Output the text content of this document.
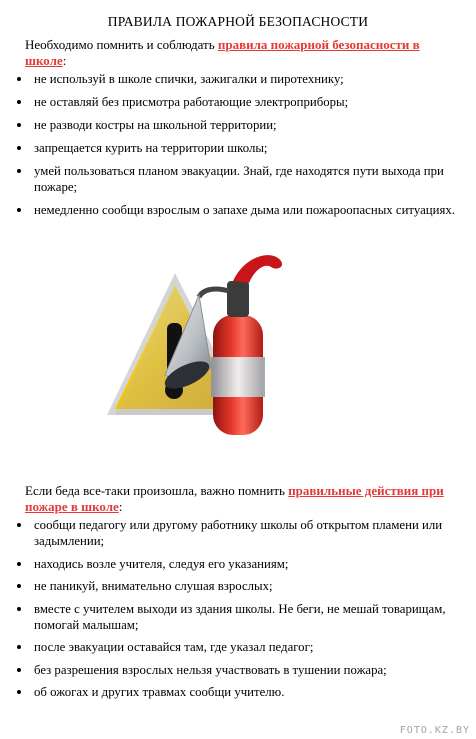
ПРАВИЛА ПОЖАРНОЙ БЕЗОПАСНОСТИ
Необходимо помнить и соблюдать правила пожарной безопасности в школе:
не используй в школе спички, зажигалки и пиротехнику;
не оставляй без присмотра работающие электроприборы;
не разводи костры на школьной территории;
запрещается курить на территории школы;
умей пользоваться планом эвакуации. Знай, где находятся пути выхода при пожаре;
немедленно сообщи взрослым о запахе дыма или пожароопасных ситуациях.
Если беда все-таки произошла, важно помнить правильные действия при пожаре в школе:
сообщи педагогу или другому работнику школы об открытом пламени или задымлении;
находись возле учителя, следуя его указаниям;
не паникуй, внимательно слушая взрослых;
вместе с учителем выходи из здания школы. Не беги, не мешай товарищам, помогай малышам;
после эвакуации оставайся там, где указал педагог;
без разрешения взрослых нельзя участвовать в тушении пожара;
об ожогах и других травмах сообщи учителю.
FOTO.KZ.BY
